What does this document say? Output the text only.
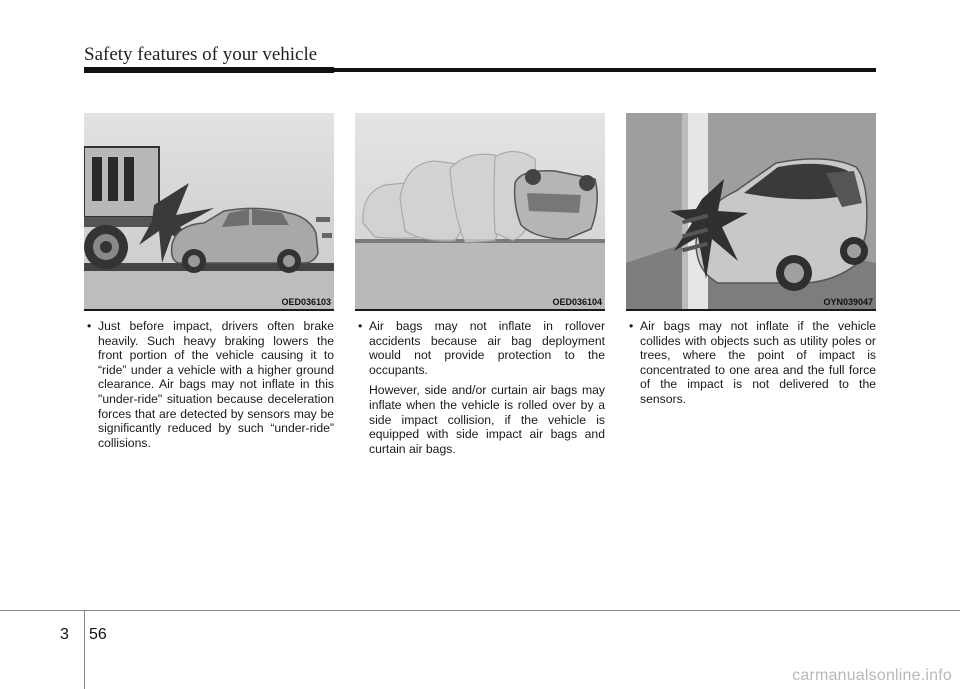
Safety features of your vehicle
OED036103
• Just before impact, drivers often brake heavily. Such heavy braking lowers the front portion of the vehicle causing it to “ride” under a vehicle with a higher ground clearance. Air bags may not inflate in this "under-ride" situation because deceleration forces that are detected by sensors may be significantly reduced by such “under-ride” collisions.
OED036104
• Air bags may not inflate in rollover accidents because air bag deployment would not provide protection to the occupants.
However, side and/or curtain air bags may inflate when the vehicle is rolled over by a side impact collision, if the vehicle is equipped with side impact air bags and curtain air bags.
OYN039047
• Air bags may not inflate if the vehicle collides with objects such as utility poles or trees, where the point of impact is concentrated to one area and the full force of the impact is not delivered to the sensors.
3 56
carmanualsonline.info
